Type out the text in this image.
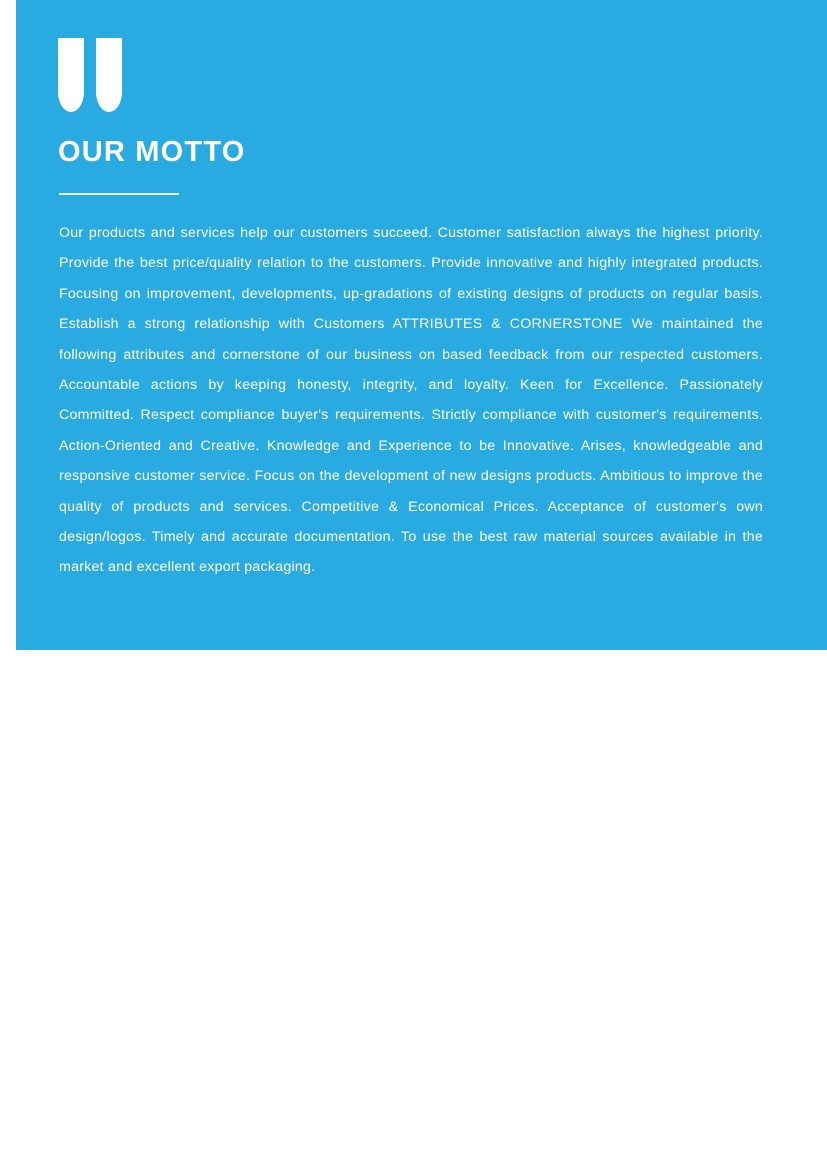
OUR MOTTO
Our products and services help our customers succeed. Customer satisfaction always the highest priority. Provide the best price/quality relation to the customers. Provide innovative and highly integrated products. Focusing on improvement, developments, up-gradations of existing designs of products on regular basis. Establish a strong relationship with Customers ATTRIBUTES & CORNERSTONE We maintained the following attributes and cornerstone of our business on based feedback from our respected customers. Accountable actions by keeping honesty, integrity, and loyalty. Keen for Excellence. Passionately Committed. Respect compliance buyer's requirements. Strictly compliance with customer's requirements. Action-Oriented and Creative. Knowledge and Experience to be Innovative. Arises, knowledgeable and responsive customer service. Focus on the development of new designs products. Ambitious to improve the quality of products and services. Competitive & Economical Prices. Acceptance of customer's own design/logos. Timely and accurate documentation. To use the best raw material sources available in the market and excellent export packaging.
